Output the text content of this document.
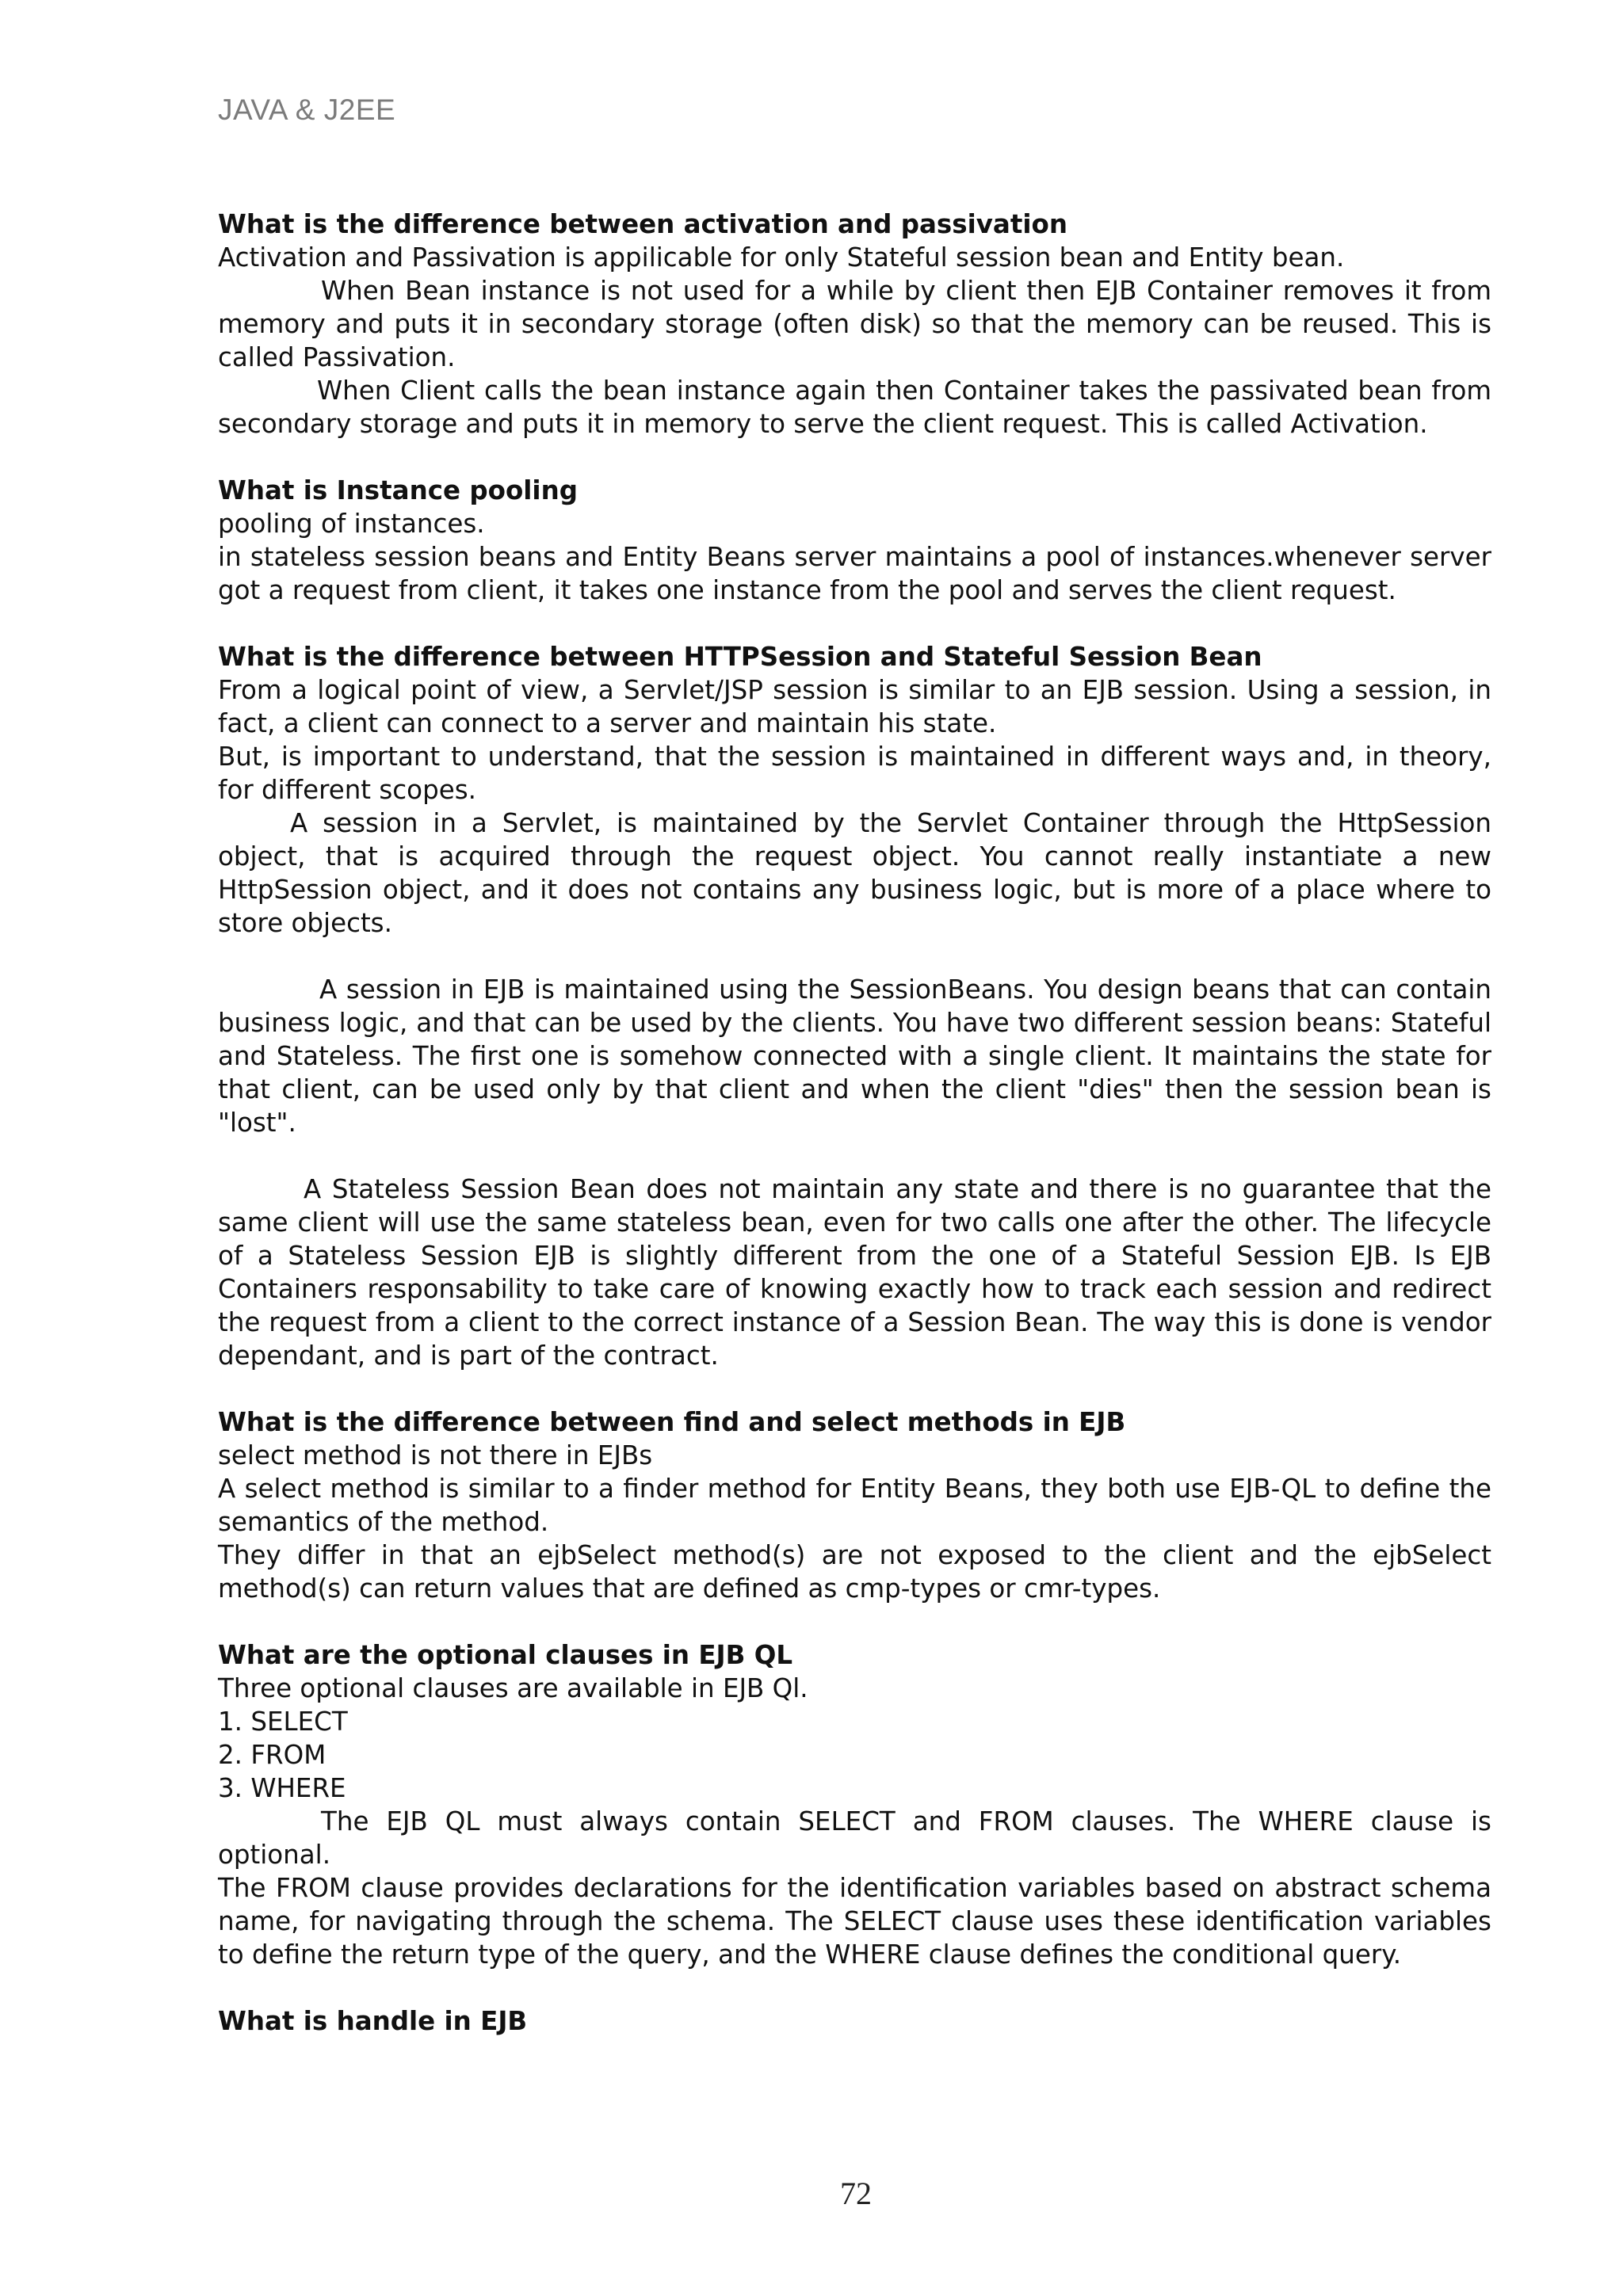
JAVA & J2EE
What is the difference between activation and passivation

Activation and Passivation is appilicable for only Stateful session bean and Entity bean.

When Bean instance is not used for a while by client then EJB Container removes it from memory and puts it in secondary storage (often disk) so that the memory can be reused. This is called Passivation.

When Client calls the bean instance again then Container takes the passivated bean from secondary storage and puts it in memory to serve the client request. This is called Activation.

What is Instance pooling

pooling of instances.

in stateless session beans and Entity Beans server maintains a pool of instances.whenever server got a request from client, it takes one instance from the pool and serves the client request.

What is the difference between HTTPSession and Stateful Session Bean

From a logical point of view, a Servlet/JSP session is similar to an EJB session. Using a session, in fact, a client can connect to a server and maintain his state.

But, is important to understand, that the session is maintained in different ways and, in theory, for different scopes.

A session in a Servlet, is maintained by the Servlet Container through the HttpSession object, that is acquired through the request object. You cannot really instantiate a new HttpSession object, and it does not contains any business logic, but is more of a place where to store objects.

A session in EJB is maintained using the SessionBeans. You design beans that can contain business logic, and that can be used by the clients. You have two different session beans: Stateful and Stateless. The first one is somehow connected with a single client. It maintains the state for that client, can be used only by that client and when the client "dies" then the session bean is "lost".

A Stateless Session Bean does not maintain any state and there is no guarantee that the same client will use the same stateless bean, even for two calls one after the other. The lifecycle of a Stateless Session EJB is slightly different from the one of a Stateful Session EJB. Is EJB Containers responsability to take care of knowing exactly how to track each session and redirect the request from a client to the correct instance of a Session Bean. The way this is done is vendor dependant, and is part of the contract.

What is the difference between find and select methods in EJB

select method is not there in EJBs

A select method is similar to a finder method for Entity Beans, they both use EJB-QL to define the semantics of the method.

They differ in that an ejbSelect method(s) are not exposed to the client and the ejbSelect method(s) can return values that are defined as cmp-types or cmr-types.

What are the optional clauses in EJB QL

Three optional clauses are available in EJB Ql.

1. SELECT

2. FROM

3. WHERE

The EJB QL must always contain SELECT and FROM clauses. The WHERE clause is optional.

The FROM clause provides declarations for the identification variables based on abstract schema name, for navigating through the schema. The SELECT clause uses these identification variables to define the return type of the query, and the WHERE clause defines the conditional query.

What is handle in EJB
72
